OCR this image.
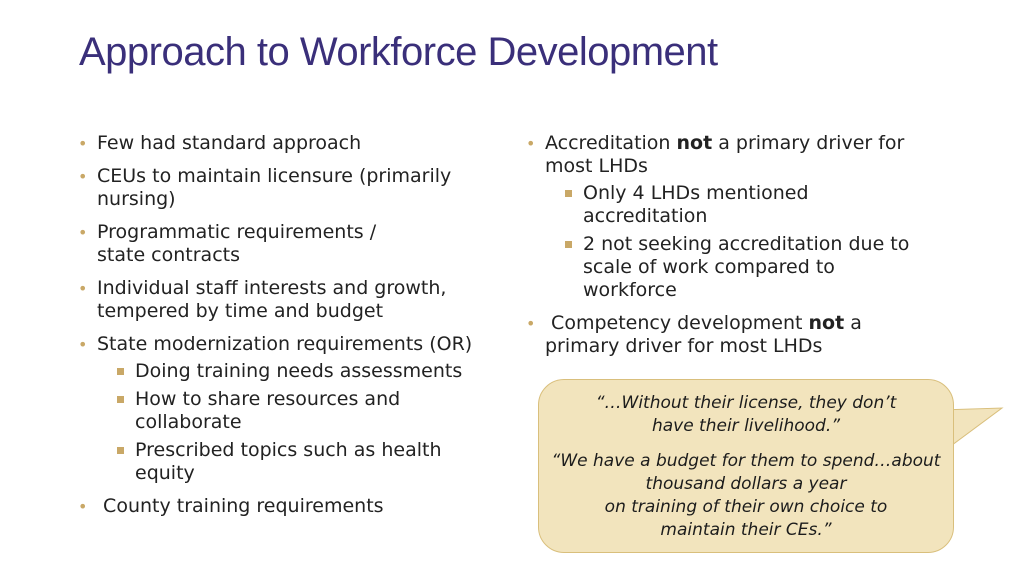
Approach to Workforce Development
• Few had standard approach
• CEUs to maintain licensure (primarily nursing)
• Programmatic requirements / state contracts
• Individual staff interests and growth, tempered by time and budget
• State modernization requirements (OR)
Doing training needs assessments
How to share resources and collaborate
Prescribed topics such as health equity
• County training requirements
• Accreditation not a primary driver for most LHDs
Only 4 LHDs mentioned accreditation
2 not seeking accreditation due to scale of work compared to workforce
• Competency development not a primary driver for most LHDs

“…Without their license, they don’t
have their livelihood.”

“We have a budget for them to spend…about
thousand dollars a year
on training of their own choice to
maintain their CEs.”
